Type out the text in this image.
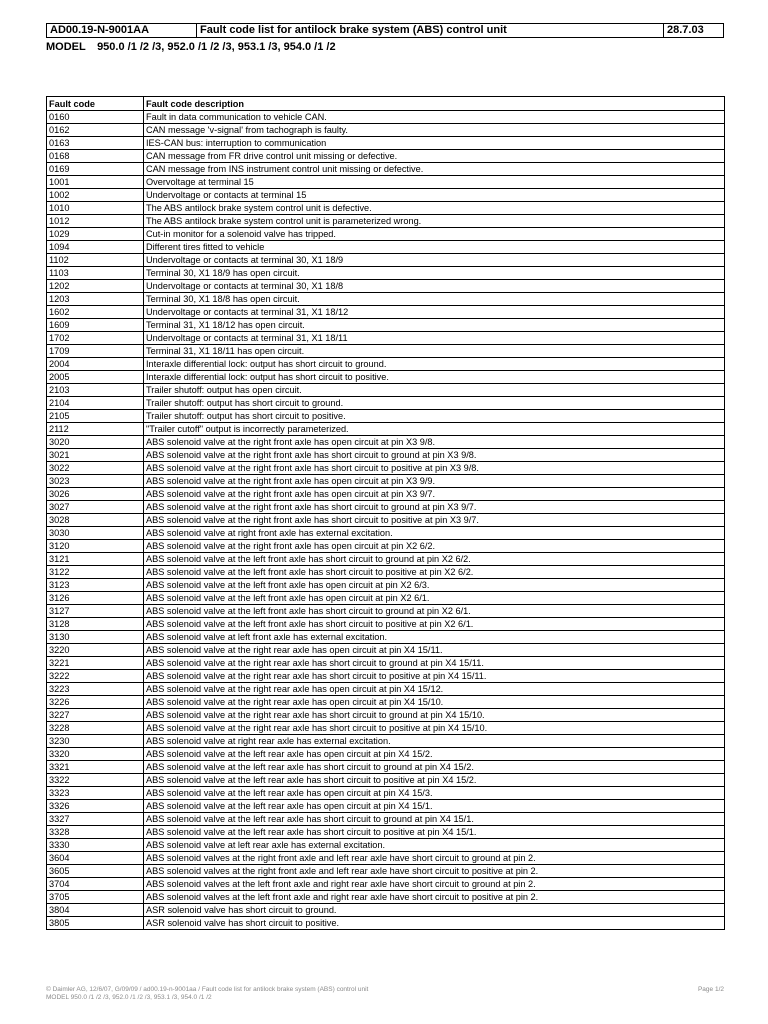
AD00.19-N-9001AA	Fault code list for antilock brake system (ABS) control unit	28.7.03
MODEL 950.0 /1 /2 /3, 952.0 /1 /2 /3, 953.1 /3, 954.0 /1 /2
Fault code	Fault code description
0160	Fault in data communication to vehicle CAN.
0162	CAN message 'v-signal' from tachograph is faulty.
0163	IES-CAN bus: interruption to communication
0168	CAN message from FR drive control unit missing or defective.
0169	CAN message from INS instrument control unit missing or defective.
1001	Overvoltage at terminal 15
1002	Undervoltage or contacts at terminal 15
1010	The ABS antilock brake system control unit is defective.
1012	The ABS antilock brake system control unit is parameterized wrong.
1029	Cut-in monitor for a solenoid valve has tripped.
1094	Different tires fitted to vehicle
1102	Undervoltage or contacts at terminal 30, X1 18/9
1103	Terminal 30, X1 18/9 has open circuit.
1202	Undervoltage or contacts at terminal 30, X1 18/8
1203	Terminal 30, X1 18/8 has open circuit.
1602	Undervoltage or contacts at terminal 31, X1 18/12
1609	Terminal 31, X1 18/12 has open circuit.
1702	Undervoltage or contacts at terminal 31, X1 18/11
1709	Terminal 31, X1 18/11 has open circuit.
2004	Interaxle differential lock: output has short circuit to ground.
2005	Interaxle differential lock: output has short circuit to positive.
2103	Trailer shutoff: output has open circuit.
2104	Trailer shutoff: output has short circuit to ground.
2105	Trailer shutoff: output has short circuit to positive.
2112	"Trailer cutoff" output is incorrectly parameterized.
3020	ABS solenoid valve at the right front axle has open circuit at pin X3 9/8.
3021	ABS solenoid valve at the right front axle has short circuit to ground at pin X3 9/8.
3022	ABS solenoid valve at the right front axle has short circuit to positive at pin X3 9/8.
3023	ABS solenoid valve at the right front axle has open circuit at pin X3 9/9.
3026	ABS solenoid valve at the right front axle has open circuit at pin X3 9/7.
3027	ABS solenoid valve at the right front axle has short circuit to ground at pin X3 9/7.
3028	ABS solenoid valve at the right front axle has short circuit to positive at pin X3 9/7.
3030	ABS solenoid valve at right front axle has external excitation.
3120	ABS solenoid valve at the right front axle has open circuit at pin X2 6/2.
3121	ABS solenoid valve at the left front axle has short circuit to ground at pin X2 6/2.
3122	ABS solenoid valve at the left front axle has short circuit to positive at pin X2 6/2.
3123	ABS solenoid valve at the left front axle has open circuit at pin X2 6/3.
3126	ABS solenoid valve at the left front axle has open circuit at pin X2 6/1.
3127	ABS solenoid valve at the left front axle has short circuit to ground at pin X2 6/1.
3128	ABS solenoid valve at the left front axle has short circuit to positive at pin X2 6/1.
3130	ABS solenoid valve at left front axle has external excitation.
3220	ABS solenoid valve at the right rear axle has open circuit at pin X4 15/11.
3221	ABS solenoid valve at the right rear axle has short circuit to ground at pin X4 15/11.
3222	ABS solenoid valve at the right rear axle has short circuit to positive at pin X4 15/11.
3223	ABS solenoid valve at the right rear axle has open circuit at pin X4 15/12.
3226	ABS solenoid valve at the right rear axle has open circuit at pin X4 15/10.
3227	ABS solenoid valve at the right rear axle has short circuit to ground at pin X4 15/10.
3228	ABS solenoid valve at the right rear axle has short circuit to positive at pin X4 15/10.
3230	ABS solenoid valve at right rear axle has external excitation.
3320	ABS solenoid valve at the left rear axle has open circuit at pin X4 15/2.
3321	ABS solenoid valve at the left rear axle has short circuit to ground at pin X4 15/2.
3322	ABS solenoid valve at the left rear axle has short circuit to positive at pin X4 15/2.
3323	ABS solenoid valve at the left rear axle has open circuit at pin X4 15/3.
3326	ABS solenoid valve at the left rear axle has open circuit at pin X4 15/1.
3327	ABS solenoid valve at the left rear axle has short circuit to ground at pin X4 15/1.
3328	ABS solenoid valve at the left rear axle has short circuit to positive at pin X4 15/1.
3330	ABS solenoid valve at left rear axle has external excitation.
3604	ABS solenoid valves at the right front axle and left rear axle have short circuit to ground at pin 2.
3605	ABS solenoid valves at the right front axle and left rear axle have short circuit to positive at pin 2.
3704	ABS solenoid valves at the left front axle and right rear axle have short circuit to ground at pin 2.
3705	ABS solenoid valves at the left front axle and right rear axle have short circuit to positive at pin 2.
3804	ASR solenoid valve has short circuit to ground.
3805	ASR solenoid valve has short circuit to positive.
© Daimler AG, 12/6/07, G/09/09 / ad00.19-n-9001aa / Fault code list for antilock brake system (ABS) control unit
MODEL 950.0 /1 /2 /3, 952.0 /1 /2 /3, 953.1 /3, 954.0 /1 /2
Page 1/2
